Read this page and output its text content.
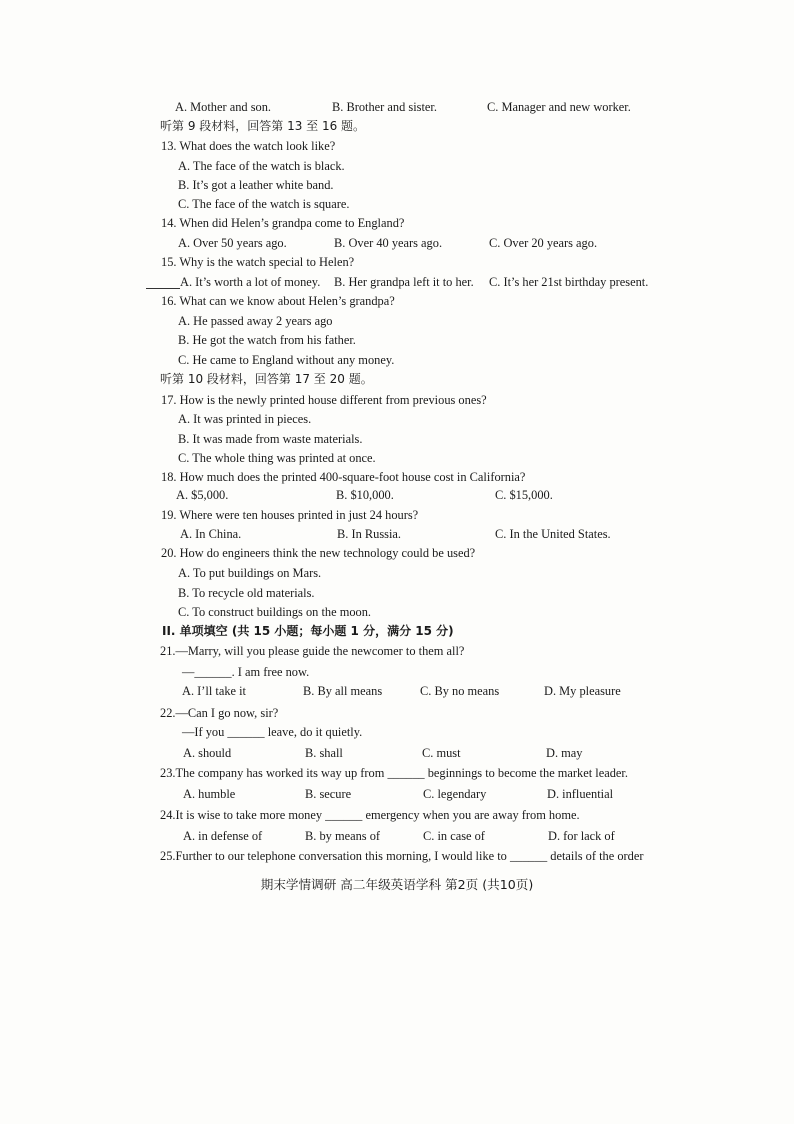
A. Mother and son.	B. Brother and sister.	C. Manager and new worker.
听第 9 段材料，回答第 13 至 16 题。
13. What does the watch look like?
A. The face of the watch is black.
B. It’s got a leather white band.
C. The face of the watch is square.
14. When did Helen’s grandpa come to England?
A. Over 50 years ago.	B. Over 40 years ago.	C. Over 20 years ago.
15. Why is the watch special to Helen?
A. It’s worth a lot of money. B. Her grandpa left it to her. C. It’s her 21st birthday present.
16. What can we know about Helen’s grandpa?
A. He passed away 2 years ago
B. He got the watch from his father.
C. He came to England without any money.
听第 10 段材料，回答第 17 至 20 题。
17. How is the newly printed house different from previous ones?
A. It was printed in pieces.
B. It was made from waste materials.
C. The whole thing was printed at once.
18. How much does the printed 400-square-foot house cost in California?
A. $5,000.	B. $10,000.	C. $15,000.
19. Where were ten houses printed in just 24 hours?
A. In China.	B. In Russia.	C. In the United States.
20. How do engineers think the new technology could be used?
A. To put buildings on Mars.
B. To recycle old materials.
C. To construct buildings on the moon.
II. 单项填空 (共 15 小题；每小题 1 分，满分 15 分)
21.—Marry, will you please guide the newcomer to them all?
—______. I am free now.
A. I’ll take it	B. By all means	C. By no means	D. My pleasure
22.—Can I go now, sir?
—If you ______ leave, do it quietly.
A. should	B. shall	C. must	D. may
23.The company has worked its way up from ______ beginnings to become the market leader.
A. humble	B. secure	C. legendary	D. influential
24.It is wise to take more money ______ emergency when you are away from home.
A. in defense of	B. by means of	C. in case of	D. for lack of
25.Further to our telephone conversation this morning, I would like to ______ details of the order
期末学情调研 高二年级英语学科 第2页 (共10页)
